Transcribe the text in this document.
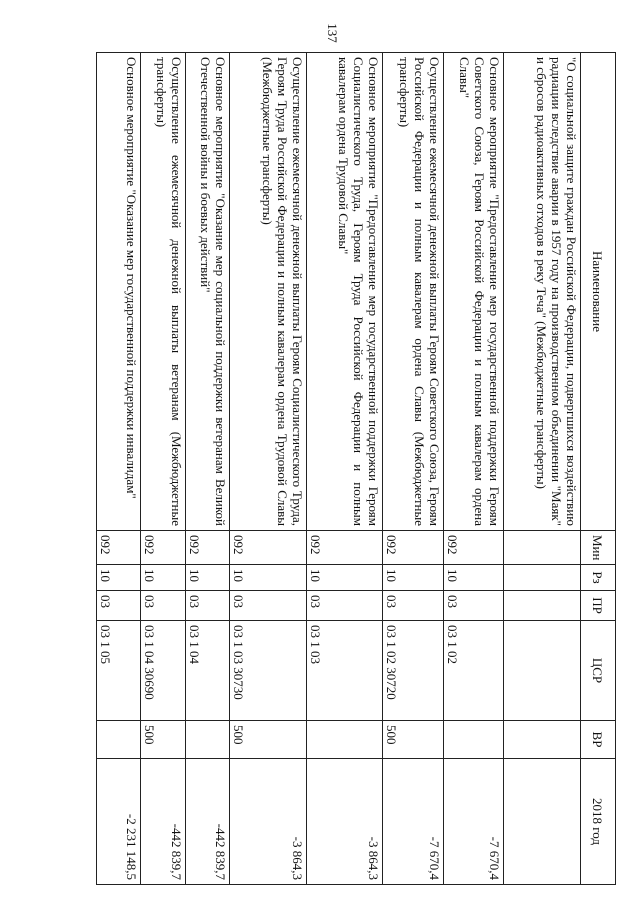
137
Наименование	Мин	Рз	ПР	ЦСР	ВР	2018 год
"О социальной защите граждан Российской Федерации, подвергшихся воздействию радиации вследствие аварии в 1957 году на производственном объединении "Маяк" и сбросов радиоактивных отходов в реку Теча" (Межбюджетные трансферты)						
Основное мероприятие "Предоставление мер государственной поддержки Героям Советского Союза, Героям Российской Федерации и полным кавалерам ордена Славы"	092	10	03	03 1 02		-7 670,4
Осуществление ежемесячной денежной выплаты Героям Советского Союза, Героям Российской Федерации и полным кавалерам ордена Славы (Межбюджетные трансферты)	092	10	03	03 1 02 30720	500	-7 670,4
Основное мероприятие "Предоставление мер государственной поддержки Героям Социалистического Труда, Героям Труда Российской Федерации и полным кавалерам ордена Трудовой Славы"	092	10	03	03 1 03		-3 864,3
Осуществление ежемесячной денежной выплаты Героям Социалистического Труда, Героям Труда Российской Федерации и полным кавалерам ордена Трудовой Славы (Межбюджетные трансферты)	092	10	03	03 1 03 30730	500	-3 864,3
Основное мероприятие "Оказание мер социальной поддержки ветеранам Великой Отечественной войны и боевых действий"	092	10	03	03 1 04		-442 839,7
Осуществление ежемесячной денежной выплаты ветеранам (Межбюджетные трансферты)	092	10	03	03 1 04 30690	500	-442 839,7
Основное мероприятие "Оказание мер государственной поддержки инвалидам"	092	10	03	03 1 05		-2 231 148,5
